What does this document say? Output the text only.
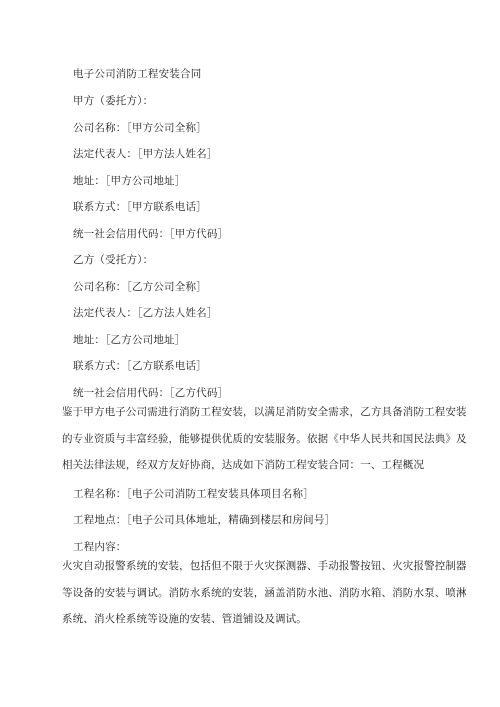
电子公司消防工程安装合同
甲方（委托方）：
公司名称：［甲方公司全称］
法定代表人：［甲方法人姓名］
地址：［甲方公司地址］
联系方式：［甲方联系电话］
统一社会信用代码：［甲方代码］
乙方（受托方）：
公司名称：［乙方公司全称］
法定代表人：［乙方法人姓名］
地址：［乙方公司地址］
联系方式：［乙方联系电话］
统一社会信用代码：［乙方代码］
鉴于甲方电子公司需进行消防工程安装，以满足消防安全需求，乙方具备消防工程安装
的专业资质与丰富经验，能够提供优质的安装服务。依据《中华人民共和国民法典》及
相关法律法规，经双方友好协商，达成如下消防工程安装合同：一、工程概况
工程名称：［电子公司消防工程安装具体项目名称］
工程地点：［电子公司具体地址，精确到楼层和房间号］
工程内容：
火灾自动报警系统的安装，包括但不限于火灾探测器、手动报警按钮、火灾报警控制器
等设备的安装与调试。消防水系统的安装，涵盖消防水池、消防水箱、消防水泵、喷淋
系统、消火栓系统等设施的安装、管道铺设及调试。
